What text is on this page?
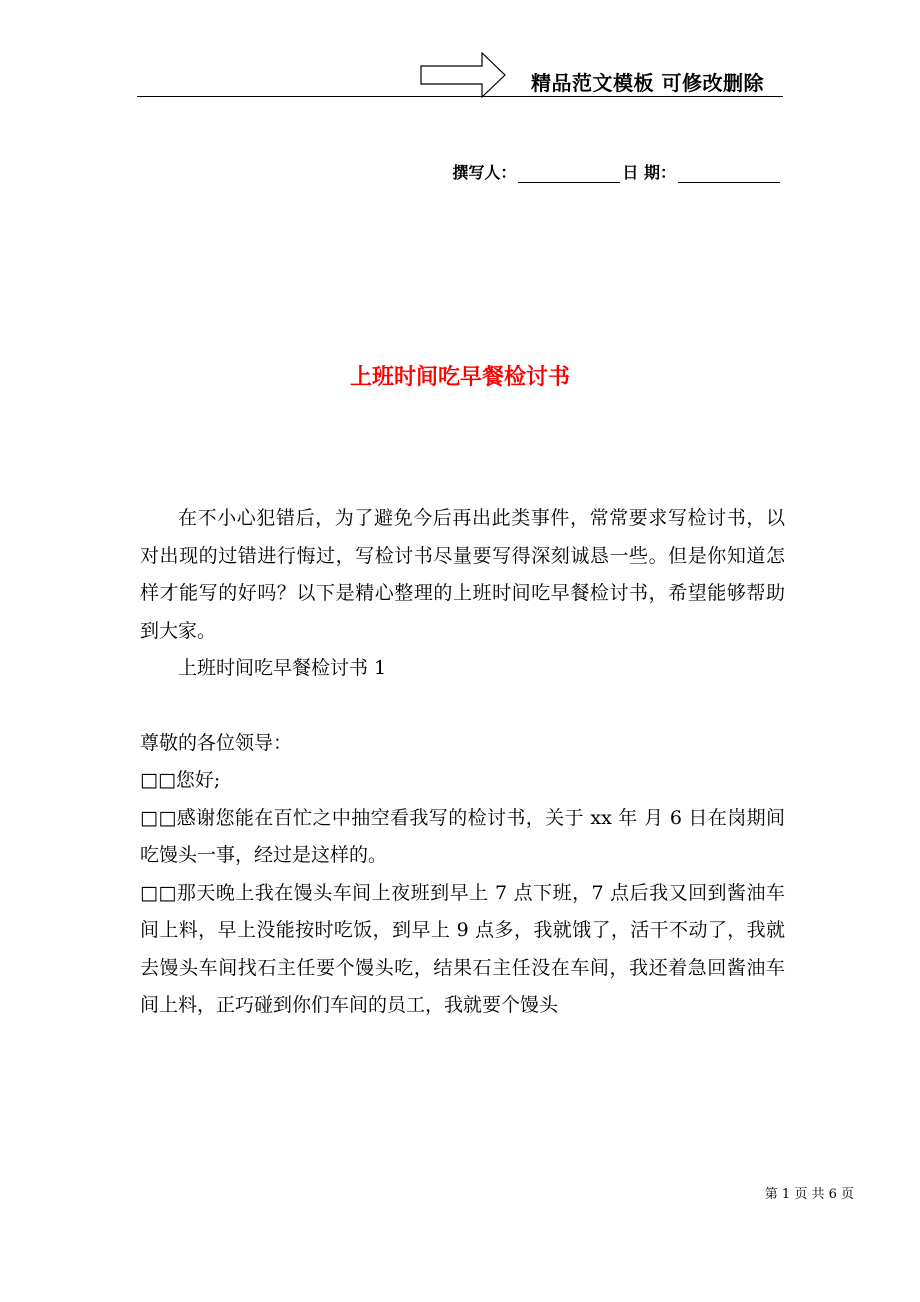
精品范文模板 可修改删除
撰写人：	日 期：
上班时间吃早餐检讨书

在不小心犯错后，为了避免今后再出此类事件，常常要求写检讨书，以对出现的过错进行悔过，写检讨书尽量要写得深刻诚恳一些。但是你知道怎样才能写的好吗？以下是精心整理的上班时间吃早餐检讨书，希望能够帮助到大家。

上班时间吃早餐检讨书 1

尊敬的各位领导：

□□您好;

□□感谢您能在百忙之中抽空看我写的检讨书，关于 xx 年 月 6 日在岗期间吃馒头一事，经过是这样的。

□□那天晚上我在馒头车间上夜班到早上 7 点下班，7 点后我又回到酱油车间上料，早上没能按时吃饭，到早上 9 点多，我就饿了，活干不动了，我就去馒头车间找石主任要个馒头吃，结果石主任没在车间，我还着急回酱油车间上料，正巧碰到你们车间的员工，我就要个馒头

第 1 页 共 6 页
